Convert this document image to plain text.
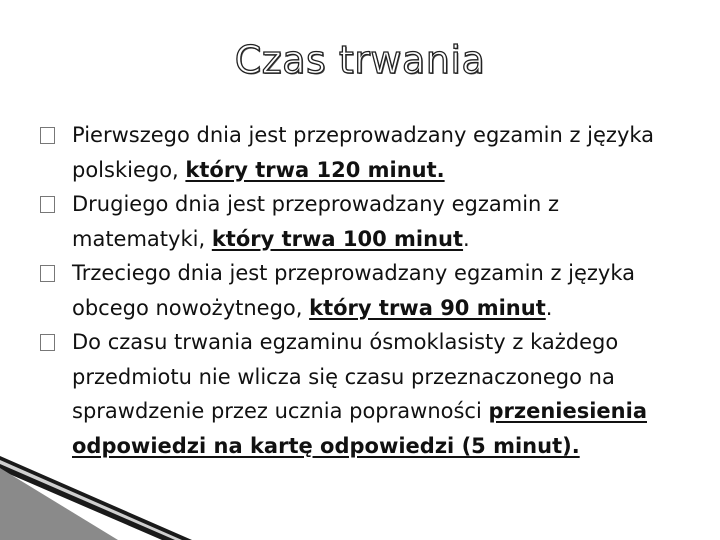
Czas trwania

Pierwszego dnia jest przeprowadzany egzamin z języka polskiego, który trwa 120 minut.

Drugiego dnia jest przeprowadzany egzamin z matematyki, który trwa 100 minut.

Trzeciego dnia jest przeprowadzany egzamin z języka obcego nowożytnego, który trwa 90 minut.

Do czasu trwania egzaminu ósmoklasisty z każdego przedmiotu nie wlicza się czasu przeznaczonego na sprawdzenie przez ucznia poprawności przeniesienia odpowiedzi na kartę odpowiedzi (5 minut).
